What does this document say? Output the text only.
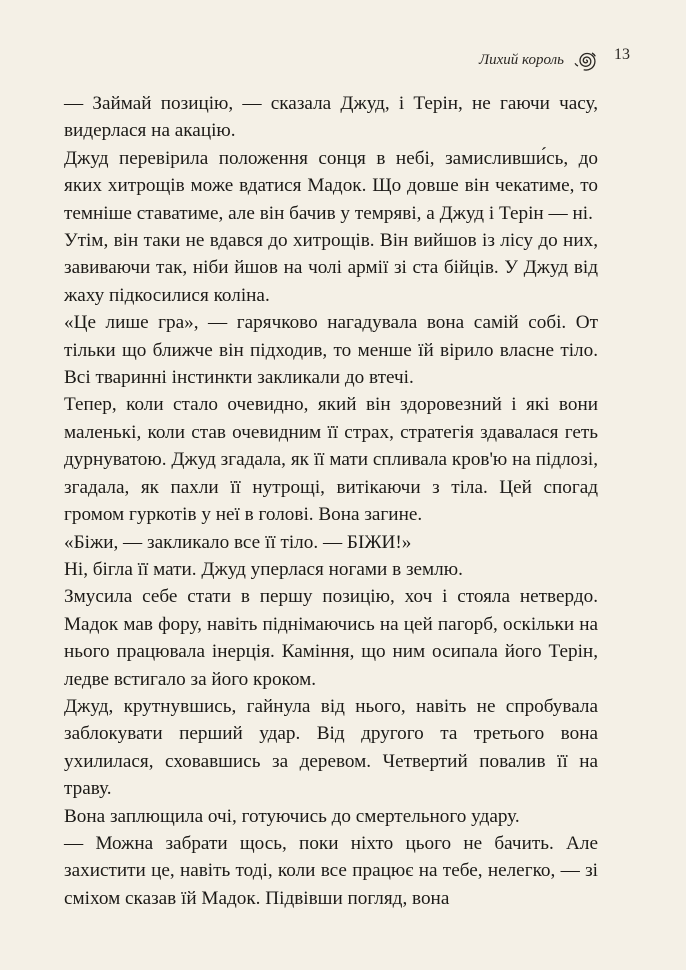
Лихий король	13

— Займай позицію, — сказала Джуд, і Терін, не гаючи часу, видерлася на акацію.

Джуд перевірила положення сонця в небі, замисливши́сь, до яких хитрощів може вдатися Мадок. Що довше він чекатиме, то темніше ставатиме, але він бачив у темряві, а Джуд і Терін — ні.

Утім, він таки не вдався до хитрощів. Він вийшов із лісу до них, завиваючи так, ніби йшов на чолі армії зі ста бійців. У Джуд від жаху підкосилися коліна.

«Це лише гра», — гарячково нагадувала вона самій собі. От тільки що ближче він підходив, то менше їй вірило власне тіло. Всі тваринні інстинкти закликали до втечі.

Тепер, коли стало очевидно, який він здоровезний і які вони маленькі, коли став очевидним її страх, стратегія здавалася геть дурнуватою. Джуд згадала, як її мати спливала кров'ю на підлозі, згадала, як пахли її нутрощі, витікаючи з тіла. Цей спогад громом гуркотів у неї в голові. Вона загине.

«Біжи, — закликало все її тіло. — БІЖИ!»

Ні, бігла її мати. Джуд уперлася ногами в землю.

Змусила себе стати в першу позицію, хоч і стояла нетвердо. Мадок мав фору, навіть піднімаючись на цей пагорб, оскільки на нього працювала інерція. Каміння, що ним осипала його Терін, ледве встигало за його кроком.

Джуд, крутнувшись, гайнула від нього, навіть не спробувала заблокувати перший удар. Від другого та третього вона ухилилася, сховавшись за деревом. Четвертий повалив її на траву.

Вона заплющила очі, готуючись до смертельного удару.

— Можна забрати щось, поки ніхто цього не бачить. Але захистити це, навіть тоді, коли все працює на тебе, нелегко, — зі сміхом сказав їй Мадок. Підвівши погляд, вона
